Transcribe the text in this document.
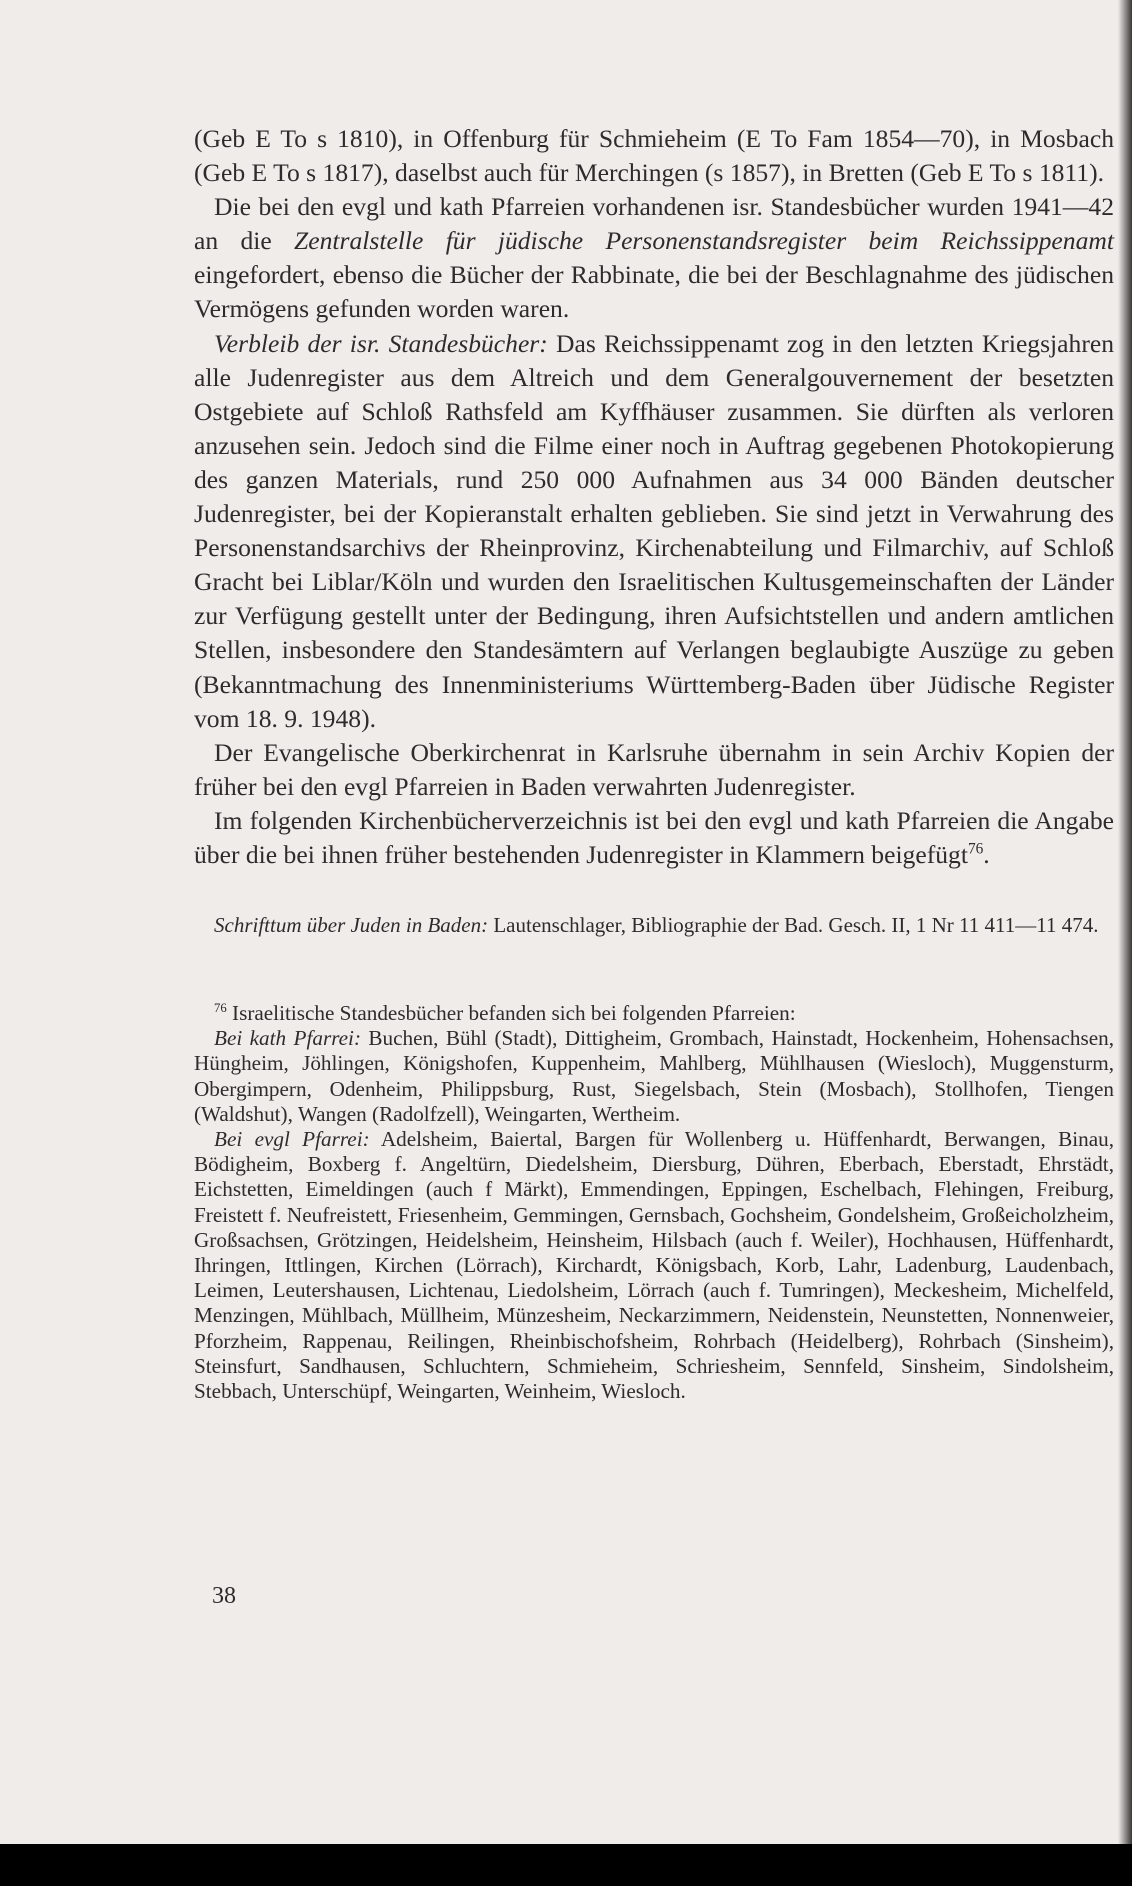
(Geb E To s 1810), in Offenburg für Schmieheim (E To Fam 1854—70), in Mosbach (Geb E To s 1817), daselbst auch für Merchingen (s 1857), in Bretten (Geb E To s 1811).

Die bei den evgl und kath Pfarreien vorhandenen isr. Standesbücher wurden 1941—42 an die Zentralstelle für jüdische Personenstandsregister beim Reichssippenamt eingefordert, ebenso die Bücher der Rabbinate, die bei der Beschlagnahme des jüdischen Vermögens gefunden worden waren.

Verbleib der isr. Standesbücher: Das Reichssippenamt zog in den letzten Kriegsjahren alle Judenregister aus dem Altreich und dem Generalgouvernement der besetzten Ostgebiete auf Schloß Rathsfeld am Kyffhäuser zusammen. Sie dürften als verloren anzusehen sein. Jedoch sind die Filme einer noch in Auftrag gegebenen Photokopierung des ganzen Materials, rund 250 000 Aufnahmen aus 34 000 Bänden deutscher Judenregister, bei der Kopieranstalt erhalten geblieben. Sie sind jetzt in Verwahrung des Personenstandsarchivs der Rheinprovinz, Kirchenabteilung und Filmarchiv, auf Schloß Gracht bei Liblar/Köln und wurden den Israelitischen Kultusgemeinschaften der Länder zur Verfügung gestellt unter der Bedingung, ihren Aufsichtstellen und andern amtlichen Stellen, insbesondere den Standesämtern auf Verlangen beglaubigte Auszüge zu geben (Bekanntmachung des Innenministeriums Württemberg-Baden über Jüdische Register vom 18. 9. 1948).

Der Evangelische Oberkirchenrat in Karlsruhe übernahm in sein Archiv Kopien der früher bei den evgl Pfarreien in Baden verwahrten Judenregister.

Im folgenden Kirchenbücherverzeichnis ist bei den evgl und kath Pfarreien die Angabe über die bei ihnen früher bestehenden Judenregister in Klammern beigefügt$^{76}$.

Schrifttum über Juden in Baden: Lautenschlager, Bibliographie der Bad. Gesch. II, 1 Nr 11 411—11 474.

$^{76}$ Israelitische Standesbücher befanden sich bei folgenden Pfarreien:

Bei kath Pfarrei: Buchen, Bühl (Stadt), Dittigheim, Grombach, Hainstadt, Hockenheim, Hohensachsen, Hüngheim, Jöhlingen, Königshofen, Kuppenheim, Mahlberg, Mühlhausen (Wiesloch), Muggensturm, Obergimpern, Odenheim, Philippsburg, Rust, Siegelsbach, Stein (Mosbach), Stollhofen, Tiengen (Waldshut), Wangen (Radolfzell), Weingarten, Wertheim.

Bei evgl Pfarrei: Adelsheim, Baiertal, Bargen für Wollenberg u. Hüffenhardt, Berwangen, Binau, Bödigheim, Boxberg f. Angeltürn, Diedelsheim, Diersburg, Dühren, Eberbach, Eberstadt, Ehrstädt, Eichstetten, Eimeldingen (auch f Märkt), Emmendingen, Eppingen, Eschelbach, Flehingen, Freiburg, Freistett f. Neufreistett, Friesenheim, Gemmingen, Gernsbach, Gochsheim, Gondelsheim, Großeicholzheim, Großsachsen, Grötzingen, Heidelsheim, Heinsheim, Hilsbach (auch f. Weiler), Hochhausen, Hüffenhardt, Ihringen, Ittlingen, Kirchen (Lörrach), Kirchardt, Königsbach, Korb, Lahr, Ladenburg, Laudenbach, Leimen, Leutershausen, Lichtenau, Liedolsheim, Lörrach (auch f. Tumringen), Meckesheim, Michelfeld, Menzingen, Mühlbach, Müllheim, Münzesheim, Neckarzimmern, Neidenstein, Neunstetten, Nonnenweier, Pforzheim, Rappenau, Reilingen, Rheinbischofsheim, Rohrbach (Heidelberg), Rohrbach (Sinsheim), Steinsfurt, Sandhausen, Schluchtern, Schmieheim, Schriesheim, Sennfeld, Sinsheim, Sindolsheim, Stebbach, Unterschüpf, Weingarten, Weinheim, Wiesloch.

38
